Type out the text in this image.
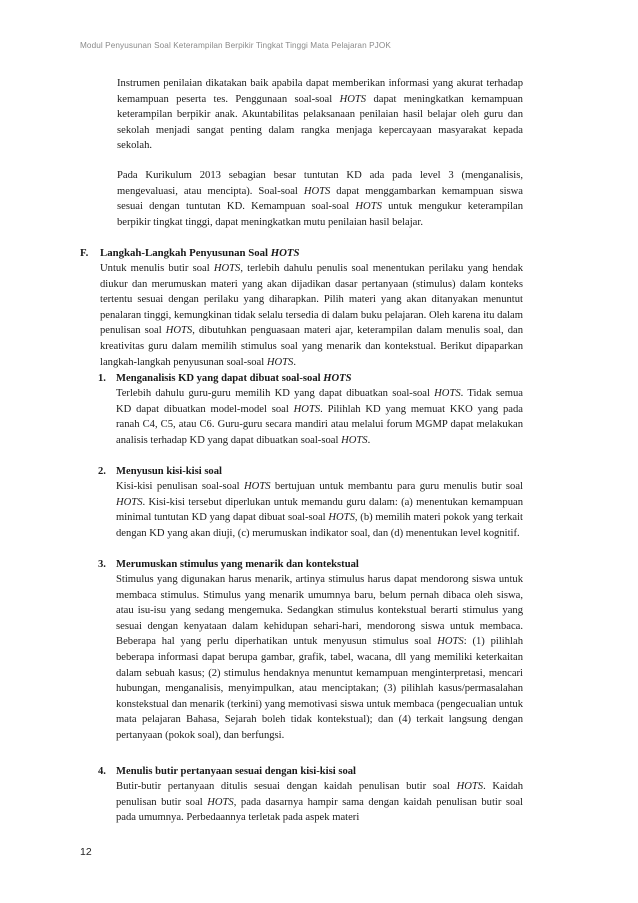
Modul Penyusunan Soal Keterampilan Berpikir Tingkat Tinggi Mata Pelajaran PJOK

Instrumen penilaian dikatakan baik apabila dapat memberikan informasi yang akurat terhadap kemampuan peserta tes. Penggunaan soal-soal HOTS dapat meningkatkan kemampuan keterampilan berpikir anak. Akuntabilitas pelaksanaan penilaian hasil belajar oleh guru dan sekolah menjadi sangat penting dalam rangka menjaga kepercayaan masyarakat kepada sekolah.

Pada Kurikulum 2013 sebagian besar tuntutan KD ada pada level 3 (menganalisis, mengevaluasi, atau mencipta). Soal-soal HOTS dapat menggambarkan kemampuan siswa sesuai dengan tuntutan KD. Kemampuan soal-soal HOTS untuk mengukur keterampilan berpikir tingkat tinggi, dapat meningkatkan mutu penilaian hasil belajar.

F. Langkah-Langkah Penyusunan Soal HOTS

Untuk menulis butir soal HOTS, terlebih dahulu penulis soal menentukan perilaku yang hendak diukur dan merumuskan materi yang akan dijadikan dasar pertanyaan (stimulus) dalam konteks tertentu sesuai dengan perilaku yang diharapkan. Pilih materi yang akan ditanyakan menuntut penalaran tinggi, kemungkinan tidak selalu tersedia di dalam buku pelajaran. Oleh karena itu dalam penulisan soal HOTS, dibutuhkan penguasaan materi ajar, keterampilan dalam menulis soal, dan kreativitas guru dalam memilih stimulus soal yang menarik dan kontekstual. Berikut dipaparkan langkah-langkah penyusunan soal-soal HOTS.

1. Menganalisis KD yang dapat dibuat soal-soal HOTS

Terlebih dahulu guru-guru memilih KD yang dapat dibuatkan soal-soal HOTS. Tidak semua KD dapat dibuatkan model-model soal HOTS. Pilihlah KD yang memuat KKO yang pada ranah C4, C5, atau C6. Guru-guru secara mandiri atau melalui forum MGMP dapat melakukan analisis terhadap KD yang dapat dibuatkan soal-soal HOTS.

2. Menyusun kisi-kisi soal

Kisi-kisi penulisan soal-soal HOTS bertujuan untuk membantu para guru menulis butir soal HOTS. Kisi-kisi tersebut diperlukan untuk memandu guru dalam: (a) menentukan kemampuan minimal tuntutan KD yang dapat dibuat soal-soal HOTS, (b) memilih materi pokok yang terkait dengan KD yang akan diuji, (c) merumuskan indikator soal, dan (d) menentukan level kognitif.

3. Merumuskan stimulus yang menarik dan kontekstual

Stimulus yang digunakan harus menarik, artinya stimulus harus dapat mendorong siswa untuk membaca stimulus. Stimulus yang menarik umumnya baru, belum pernah dibaca oleh siswa, atau isu-isu yang sedang mengemuka. Sedangkan stimulus kontekstual berarti stimulus yang sesuai dengan kenyataan dalam kehidupan sehari-hari, mendorong siswa untuk membaca. Beberapa hal yang perlu diperhatikan untuk menyusun stimulus soal HOTS: (1) pilihlah beberapa informasi dapat berupa gambar, grafik, tabel, wacana, dll yang memiliki keterkaitan dalam sebuah kasus; (2) stimulus hendaknya menuntut kemampuan menginterpretasi, mencari hubungan, menganalisis, menyimpulkan, atau menciptakan; (3) pilihlah kasus/permasalahan konstekstual dan menarik (terkini) yang memotivasi siswa untuk membaca (pengecualian untuk mata pelajaran Bahasa, Sejarah boleh tidak kontekstual); dan (4) terkait langsung dengan pertanyaan (pokok soal), dan berfungsi.

4. Menulis butir pertanyaan sesuai dengan kisi-kisi soal

Butir-butir pertanyaan ditulis sesuai dengan kaidah penulisan butir soal HOTS. Kaidah penulisan butir soal HOTS, pada dasarnya hampir sama dengan kaidah penulisan butir soal pada umumnya. Perbedaannya terletak pada aspek materi

12
